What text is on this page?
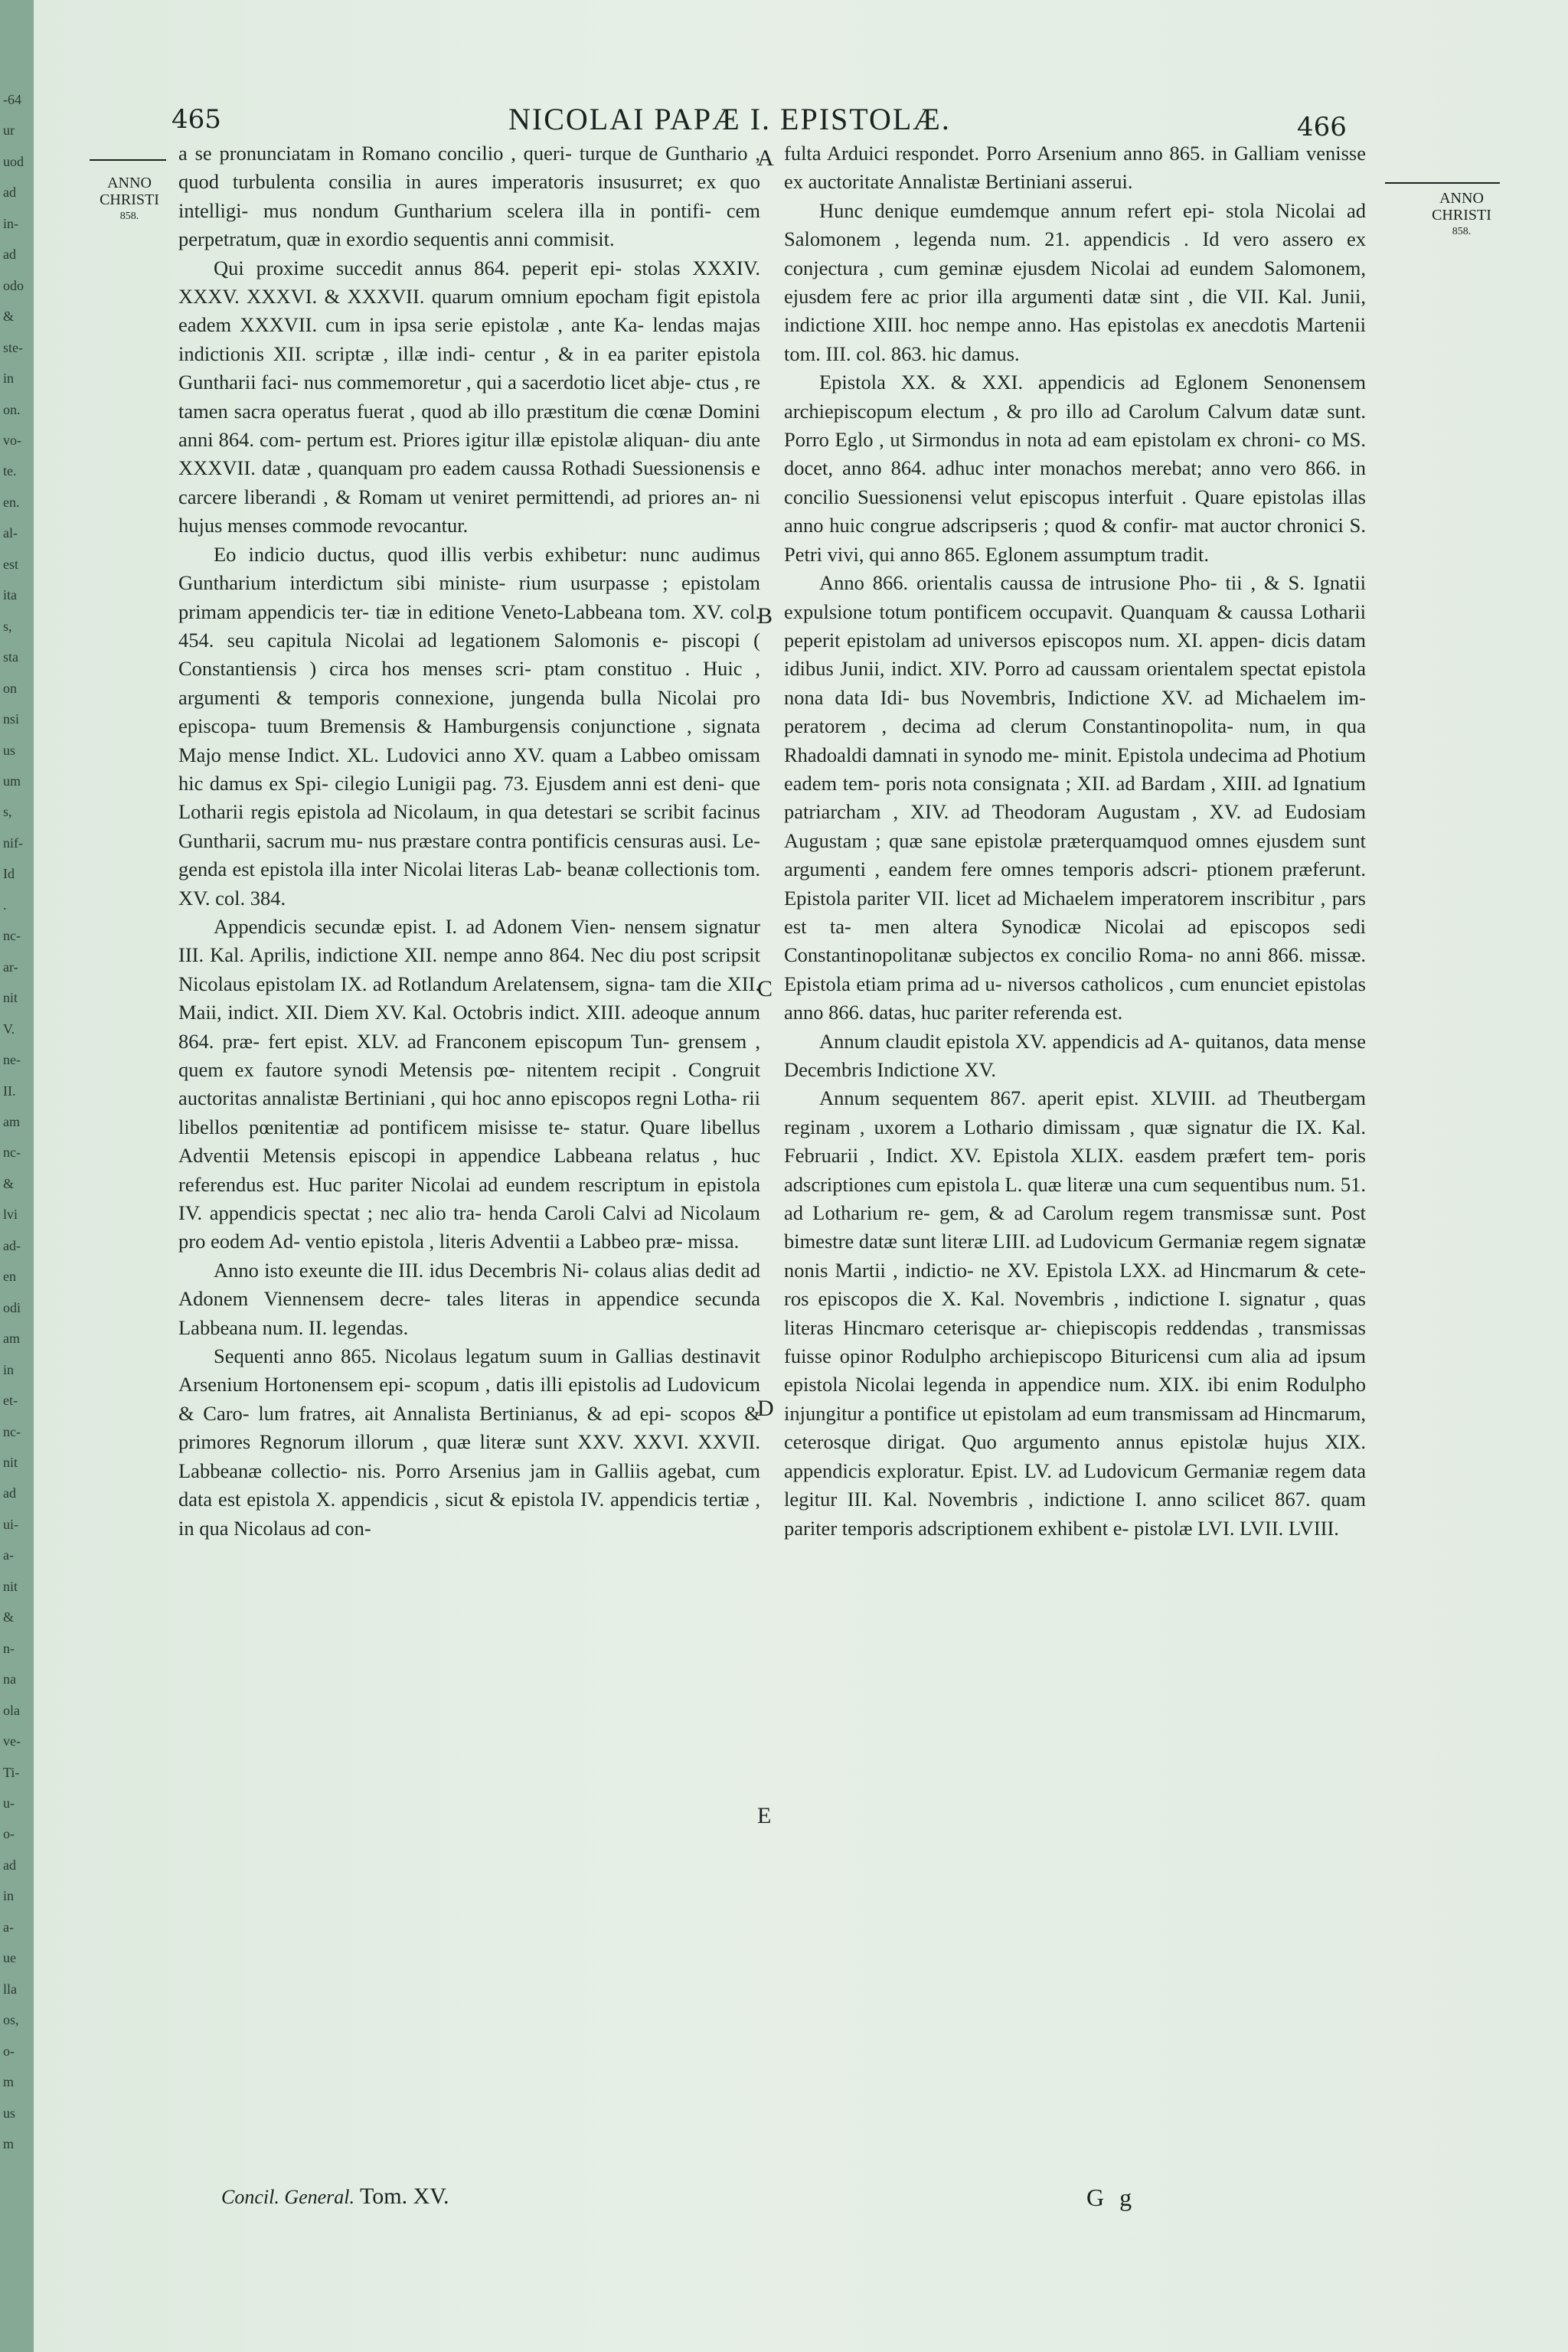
-64
ur
uod
ad
in-
ad
odo
&
ste-
in
on.
vo-
te.
en.
al-
est
ita
s,
sta
on
nsi
us
um
s,
nif-
Id
.
nc-
ar-
nit
V.
ne-
II.
am
nc-
&
lvi
ad-
en
odi
am
in
et-
nc-
nit
ad
ui-
a-
nit
&
n-
na
ola
ve-
Ti-
u-
o-
ad
in
a-
ue
lla
os,
o-
m
us
m
465	NICOLAI PAPÆ I. EPISTOLÆ.	466
ANNO
CHRISTI
858.
ANNO
CHRISTI
858.

a se pronunciatam in Romano concilio , queri- turque de Gunthario , quod turbulenta consilia in aures imperatoris insusurret; ex quo intelligi- mus nondum Guntharium scelera illa in pontifi- cem perpetratum, quæ in exordio sequentis anni commisit.

Qui proxime succedit annus 864. peperit epi- stolas XXXIV. XXXV. XXXVI. & XXXVII. quarum omnium epocham figit epistola eadem XXXVII. cum in ipsa serie epistolæ , ante Ka- lendas majas indictionis XII. scriptæ , illæ indi- centur , & in ea pariter epistola Guntharii faci- nus commemoretur , qui a sacerdotio licet abje- ctus , re tamen sacra operatus fuerat , quod ab illo præstitum die cœnæ Domini anni 864. com- pertum est. Priores igitur illæ epistolæ aliquan- diu ante XXXVII. datæ , quanquam pro eadem caussa Rothadi Suessionensis e carcere liberandi , & Romam ut veniret permittendi, ad priores an- ni hujus menses commode revocantur.

Eo indicio ductus, quod illis verbis exhibetur: nunc audimus Guntharium interdictum sibi ministe- rium usurpasse ; epistolam primam appendicis ter- tiæ in editione Veneto-Labbeana tom. XV. col. 454. seu capitula Nicolai ad legationem Salomonis e- piscopi ( Constantiensis ) circa hos menses scri- ptam constituo . Huic , argumenti & temporis connexione, jungenda bulla Nicolai pro episcopa- tuum Bremensis & Hamburgensis conjunctione , signata Majo mense Indict. XL. Ludovici anno XV. quam a Labbeo omissam hic damus ex Spi- cilegio Lunigii pag. 73. Ejusdem anni est deni- que Lotharii regis epistola ad Nicolaum, in qua detestari se scribit facinus Guntharii, sacrum mu- nus præstare contra pontificis censuras ausi. Le- genda est epistola illa inter Nicolai literas Lab- beanæ collectionis tom. XV. col. 384.

Appendicis secundæ epist. I. ad Adonem Vien- nensem signatur III. Kal. Aprilis, indictione XII. nempe anno 864. Nec diu post scripsit Nicolaus epistolam IX. ad Rotlandum Arelatensem, signa- tam die XII. Maii, indict. XII. Diem XV. Kal. Octobris indict. XIII. adeoque annum 864. præ- fert epist. XLV. ad Franconem episcopum Tun- grensem , quem ex fautore synodi Metensis pœ- nitentem recipit . Congruit auctoritas annalistæ Bertiniani , qui hoc anno episcopos regni Lotha- rii libellos pœnitentiæ ad pontificem misisse te- statur. Quare libellus Adventii Metensis episcopi in appendice Labbeana relatus , huc referendus est. Huc pariter Nicolai ad eundem rescriptum in epistola IV. appendicis spectat ; nec alio tra- henda Caroli Calvi ad Nicolaum pro eodem Ad- ventio epistola , literis Adventii a Labbeo præ- missa.

Anno isto exeunte die III. idus Decembris Ni- colaus alias dedit ad Adonem Viennensem decre- tales literas in appendice secunda Labbeana num. II. legendas.

Sequenti anno 865. Nicolaus legatum suum in Gallias destinavit Arsenium Hortonensem epi- scopum , datis illi epistolis ad Ludovicum & Caro- lum fratres, ait Annalista Bertinianus, & ad epi- scopos & primores Regnorum illorum , quæ literæ sunt XXV. XXVI. XXVII. Labbeanæ collectio- nis. Porro Arsenius jam in Galliis agebat, cum data est epistola X. appendicis , sicut & epistola IV. appendicis tertiæ , in qua Nicolaus ad con-

A
B
C
D
E

fulta Arduici respondet. Porro Arsenium anno 865. in Galliam venisse ex auctoritate Annalistæ Bertiniani asserui.

Hunc denique eumdemque annum refert epi- stola Nicolai ad Salomonem , legenda num. 21. appendicis . Id vero assero ex conjectura , cum geminæ ejusdem Nicolai ad eundem Salomonem, ejusdem fere ac prior illa argumenti datæ sint , die VII. Kal. Junii, indictione XIII. hoc nempe anno. Has epistolas ex anecdotis Martenii tom. III. col. 863. hic damus.

Epistola XX. & XXI. appendicis ad Eglonem Senonensem archiepiscopum electum , & pro illo ad Carolum Calvum datæ sunt. Porro Eglo , ut Sirmondus in nota ad eam epistolam ex chroni- co MS. docet, anno 864. adhuc inter monachos merebat; anno vero 866. in concilio Suessionensi velut episcopus interfuit . Quare epistolas illas anno huic congrue adscripseris ; quod & confir- mat auctor chronici S. Petri vivi, qui anno 865. Eglonem assumptum tradit.

Anno 866. orientalis caussa de intrusione Pho- tii , & S. Ignatii expulsione totum pontificem occupavit. Quanquam & caussa Lotharii peperit epistolam ad universos episcopos num. XI. appen- dicis datam idibus Junii, indict. XIV. Porro ad caussam orientalem spectat epistola nona data Idi- bus Novembris, Indictione XV. ad Michaelem im- peratorem , decima ad clerum Constantinopolita- num, in qua Rhadoaldi damnati in synodo me- minit. Epistola undecima ad Photium eadem tem- poris nota consignata ; XII. ad Bardam , XIII. ad Ignatium patriarcham , XIV. ad Theodoram Augustam , XV. ad Eudosiam Augustam ; quæ sane epistolæ præterquamquod omnes ejusdem sunt argumenti , eandem fere omnes temporis adscri- ptionem præferunt. Epistola pariter VII. licet ad Michaelem imperatorem inscribitur , pars est ta- men altera Synodicæ Nicolai ad episcopos sedi Constantinopolitanæ subjectos ex concilio Roma- no anni 866. missæ. Epistola etiam prima ad u- niversos catholicos , cum enunciet epistolas anno 866. datas, huc pariter referenda est.

Annum claudit epistola XV. appendicis ad A- quitanos, data mense Decembris Indictione XV.

Annum sequentem 867. aperit epist. XLVIII. ad Theutbergam reginam , uxorem a Lothario dimissam , quæ signatur die IX. Kal. Februarii , Indict. XV. Epistola XLIX. easdem præfert tem- poris adscriptiones cum epistola L. quæ literæ una cum sequentibus num. 51. ad Lotharium re- gem, & ad Carolum regem transmissæ sunt. Post bimestre datæ sunt literæ LIII. ad Ludovicum Germaniæ regem signatæ nonis Martii , indictio- ne XV. Epistola LXX. ad Hincmarum & cete- ros episcopos die X. Kal. Novembris , indictione I. signatur , quas literas Hincmaro ceterisque ar- chiepiscopis reddendas , transmissas fuisse opinor Rodulpho archiepiscopo Bituricensi cum alia ad ipsum epistola Nicolai legenda in appendice num. XIX. ibi enim Rodulpho injungitur a pontifice ut epistolam ad eum transmissam ad Hincmarum, ceterosque dirigat. Quo argumento annus epistolæ hujus XIX. appendicis exploratur. Epist. LV. ad Ludovicum Germaniæ regem data legitur III. Kal. Novembris , indictione I. anno scilicet 867. quam pariter temporis adscriptionem exhibent e- pistolæ LVI. LVII. LVIII.

Concil. General. Tom. XV.	G g
